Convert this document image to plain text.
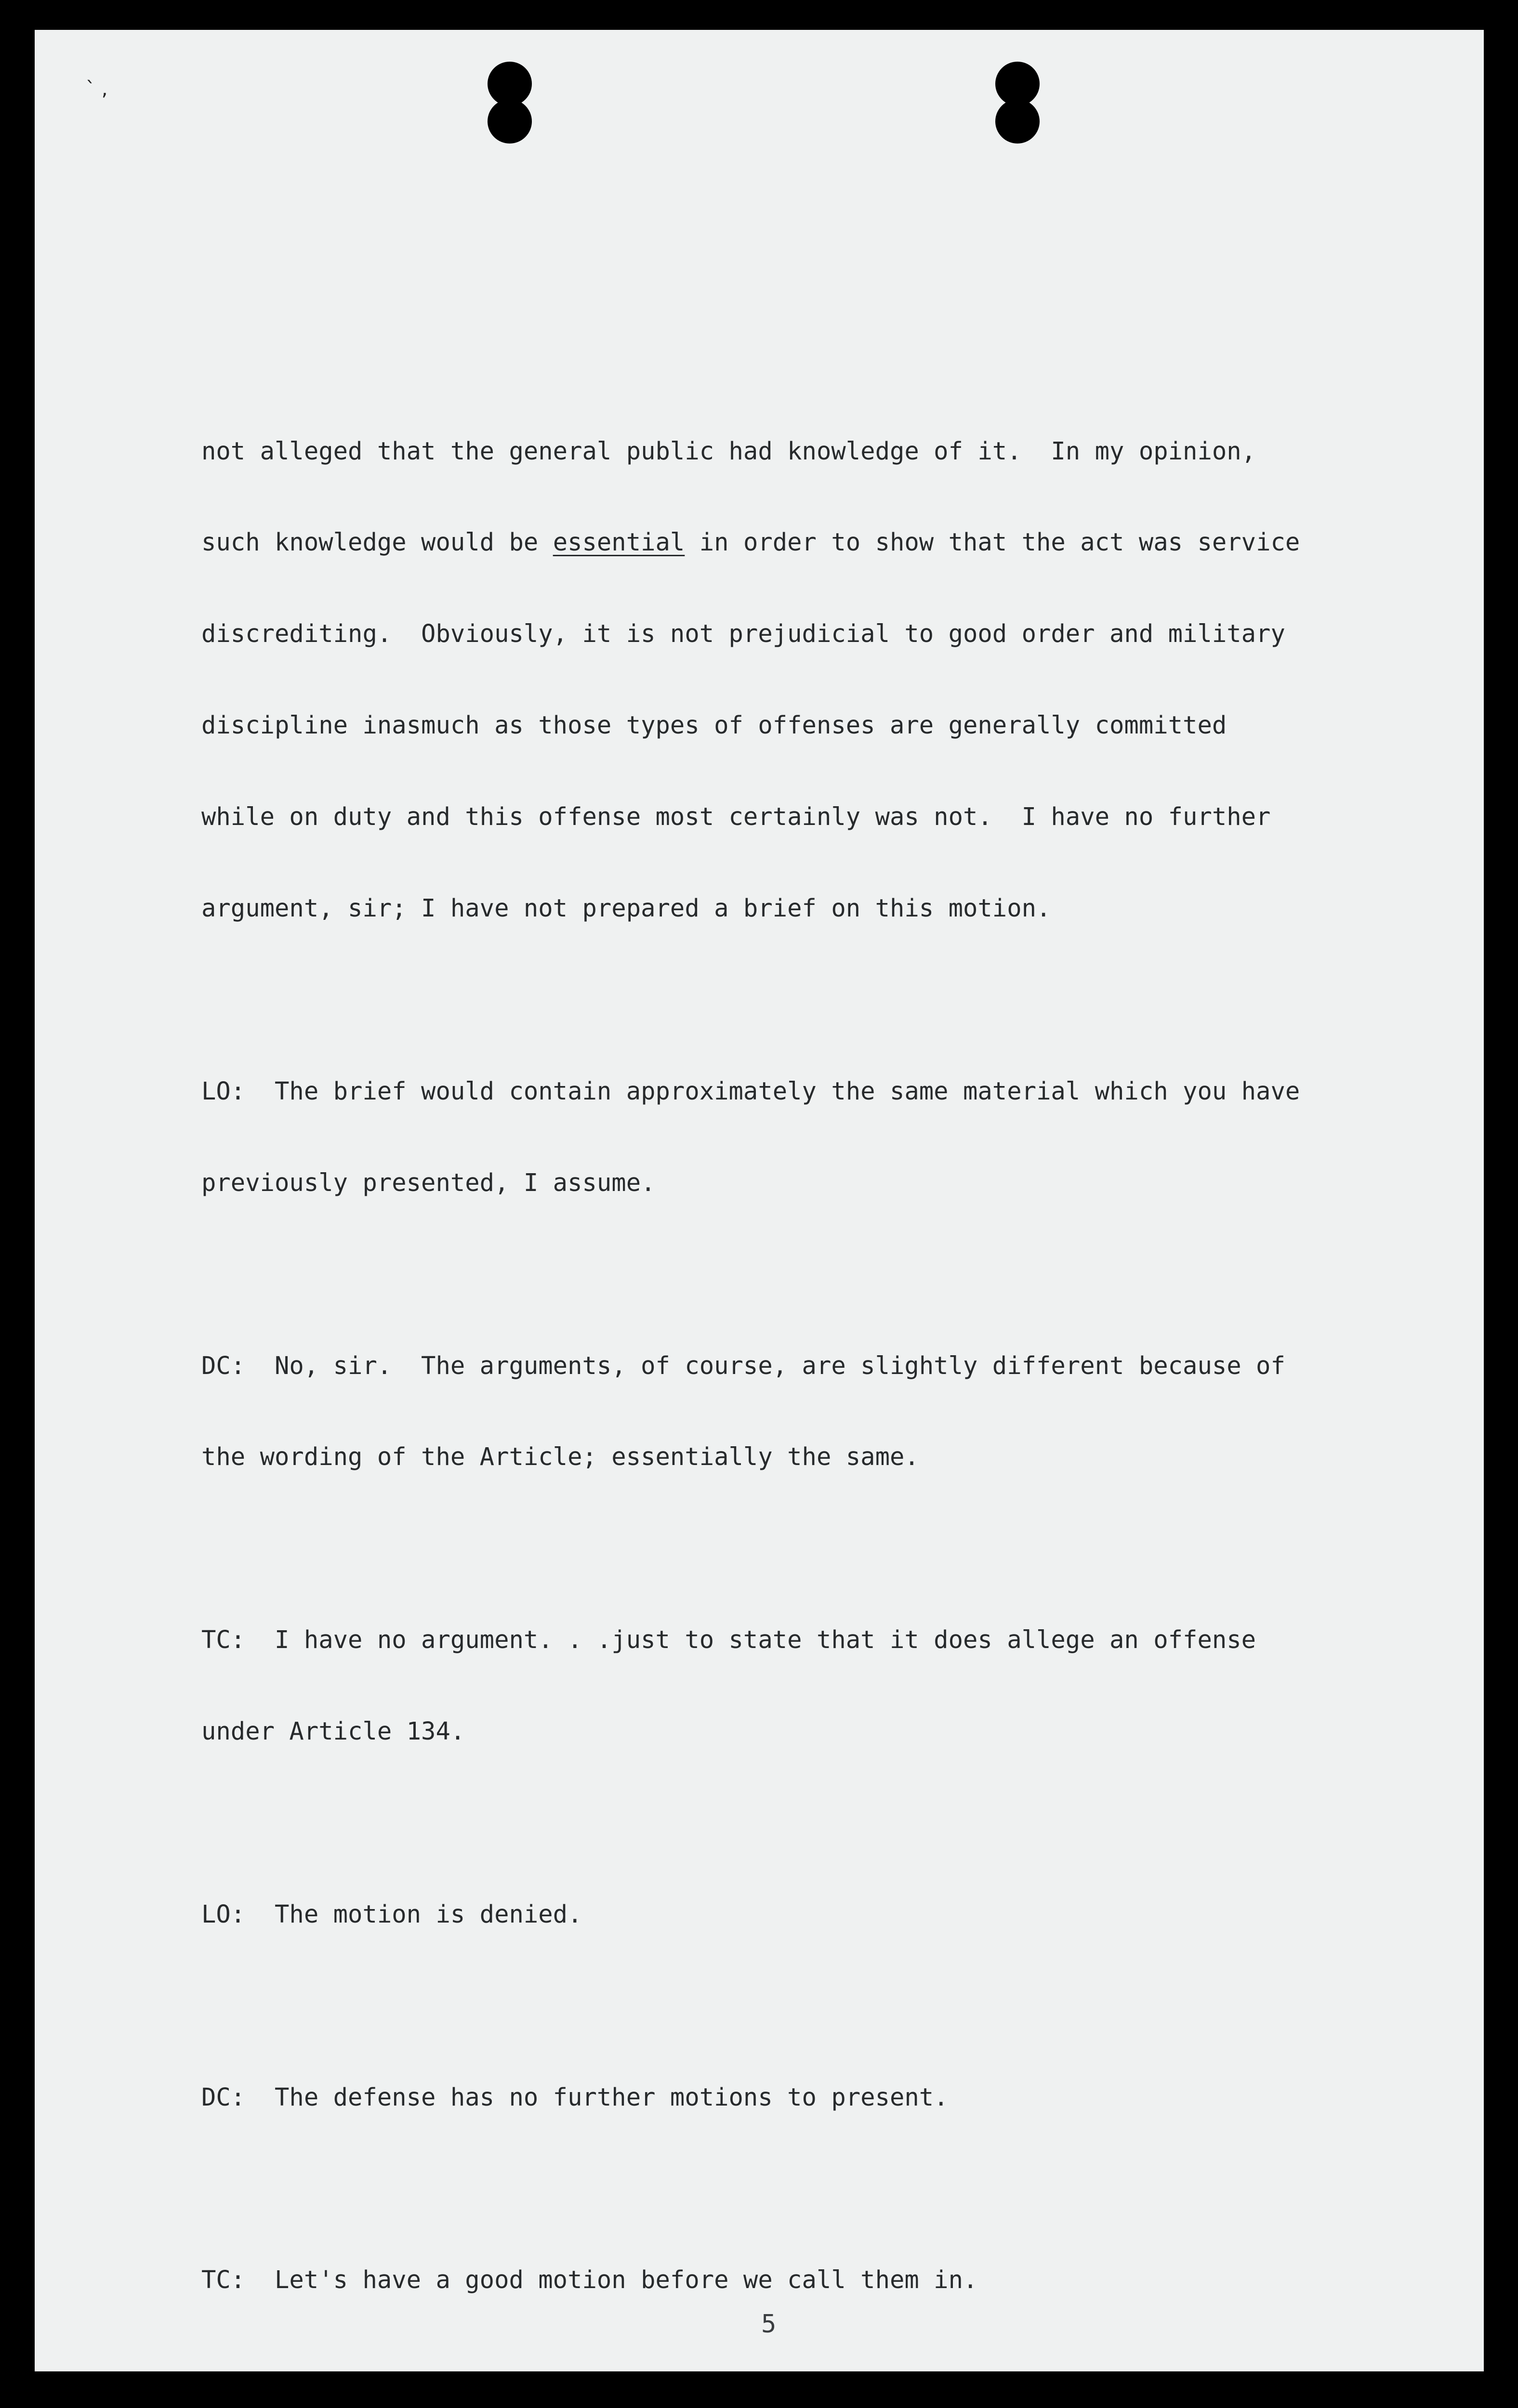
` ,

not alleged that the general public had knowledge of it.  In my opinion,

such knowledge would be essential in order to show that the act was service

discrediting.  Obviously, it is not prejudicial to good order and military

discipline inasmuch as those types of offenses are generally committed

while on duty and this offense most certainly was not.  I have no further

argument, sir; I have not prepared a brief on this motion.

LO:  The brief would contain approximately the same material which you have

previously presented, I assume.

DC:  No, sir.  The arguments, of course, are slightly different because of

the wording of the Article; essentially the same.

TC:  I have no argument. . .just to state that it does allege an offense

under Article 134.

LO:  The motion is denied.

DC:  The defense has no further motions to present.

TC:  Let's have a good motion before we call them in.

5
